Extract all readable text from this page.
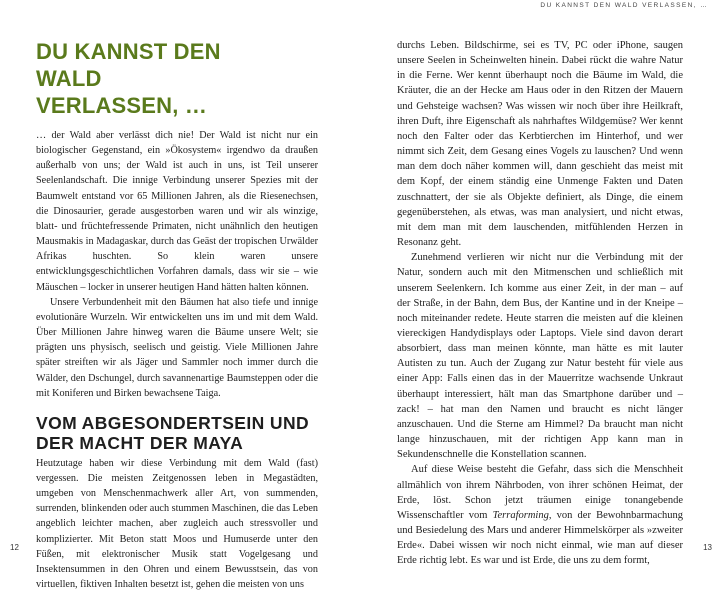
DU KANNST DEN WALD VERLASSEN, …
DU KANNST DEN WALD VERLASSEN, …

… der Wald aber verlässt dich nie! Der Wald ist nicht nur ein biologischer Gegenstand, ein »Ökosystem« irgendwo da draußen außerhalb von uns; der Wald ist auch in uns, ist Teil unserer Seelenlandschaft. Die innige Verbindung unserer Spezies mit der Baumwelt entstand vor 65 Millionen Jahren, als die Riesenechsen, die Dinosaurier, gerade ausgestorben waren und wir als winzige, blatt- und früchtefressende Primaten, nicht unähnlich den heutigen Mausmakis in Madagaskar, durch das Geäst der tropischen Urwälder Afrikas huschten. So klein waren unsere entwicklungsgeschichtlichen Vorfahren damals, dass wir sie – wie Mäuschen – locker in unserer heutigen Hand hätten halten können.

Unsere Verbundenheit mit den Bäumen hat also tiefe und innige evolutionäre Wurzeln. Wir entwickelten uns im und mit dem Wald. Über Millionen Jahre hinweg waren die Bäume unsere Welt; sie prägten uns physisch, seelisch und geistig. Viele Millionen Jahre später streiften wir als Jäger und Sammler noch immer durch die Wälder, den Dschungel, durch savannenartige Baumsteppen oder die mit Koniferen und Birken bewachsene Taiga.

VOM ABGESONDERTSEIN UND DER MACHT DER MAYA

Heutzutage haben wir diese Verbindung mit dem Wald (fast) vergessen. Die meisten Zeitgenossen leben in Megastädten, umgeben von Menschenmachwerk aller Art, von summenden, surrenden, blinkenden oder auch stummen Maschinen, die das Leben angeblich leichter machen, aber zugleich auch stressvoller und komplizierter. Mit Beton statt Moos und Humuserde unter den Füßen, mit elektronischer Musik statt Vogelgesang und Insektensummen in den Ohren und einem Bewusstsein, das von virtuellen, fiktiven Inhalten besetzt ist, gehen die meisten von uns

durchs Leben. Bildschirme, sei es TV, PC oder iPhone, saugen unsere Seelen in Scheinwelten hinein. Dabei rückt die wahre Natur in die Ferne. Wer kennt überhaupt noch die Bäume im Wald, die Kräuter, die an der Hecke am Haus oder in den Ritzen der Mauern und Gehsteige wachsen? Was wissen wir noch über ihre Heilkraft, ihren Duft, ihre Eigenschaft als nahrhaftes Wildgemüse? Wer kennt noch den Falter oder das Kerbtierchen im Hinterhof, und wer nimmt sich Zeit, dem Gesang eines Vogels zu lauschen? Und wenn man dem doch näher kommen will, dann geschieht das meist mit dem Kopf, der einem ständig eine Unmenge Fakten und Daten zuschnattert, der sie als Objekte definiert, als Dinge, die einem gegenüberstehen, als etwas, was man analysiert, und nicht etwas, mit dem man mit dem lauschenden, mitfühlenden Herzen in Resonanz geht.

Zunehmend verlieren wir nicht nur die Verbindung mit der Natur, sondern auch mit den Mitmenschen und schließlich mit unserem Seelenkern. Ich komme aus einer Zeit, in der man – auf der Straße, in der Bahn, dem Bus, der Kantine und in der Kneipe – noch miteinander redete. Heute starren die meisten auf die kleinen viereckigen Handydisplays oder Laptops. Viele sind davon derart absorbiert, dass man meinen könnte, man hätte es mit lauter Autisten zu tun. Auch der Zugang zur Natur besteht für viele aus einer App: Falls einen das in der Mauerritze wachsende Unkraut überhaupt interessiert, hält man das Smartphone darüber und – zack! – hat man den Namen und braucht es nicht länger anzuschauen. Und die Sterne am Himmel? Da braucht man nicht lange hinzuschauen, mit der richtigen App kann man in Sekundenschnelle die Konstellation scannen.

Auf diese Weise besteht die Gefahr, dass sich die Menschheit allmählich von ihrem Nährboden, von ihrer schönen Heimat, der Erde, löst. Schon jetzt träumen einige tonangebende Wissenschaftler vom Terraforming, von der Bewohnbarmachung und Besiedelung des Mars und anderer Himmelskörper als »zweiter Erde«. Dabei wissen wir noch nicht einmal, wie man auf dieser Erde richtig lebt. Es war und ist Erde, die uns zu dem formt,

12	13
